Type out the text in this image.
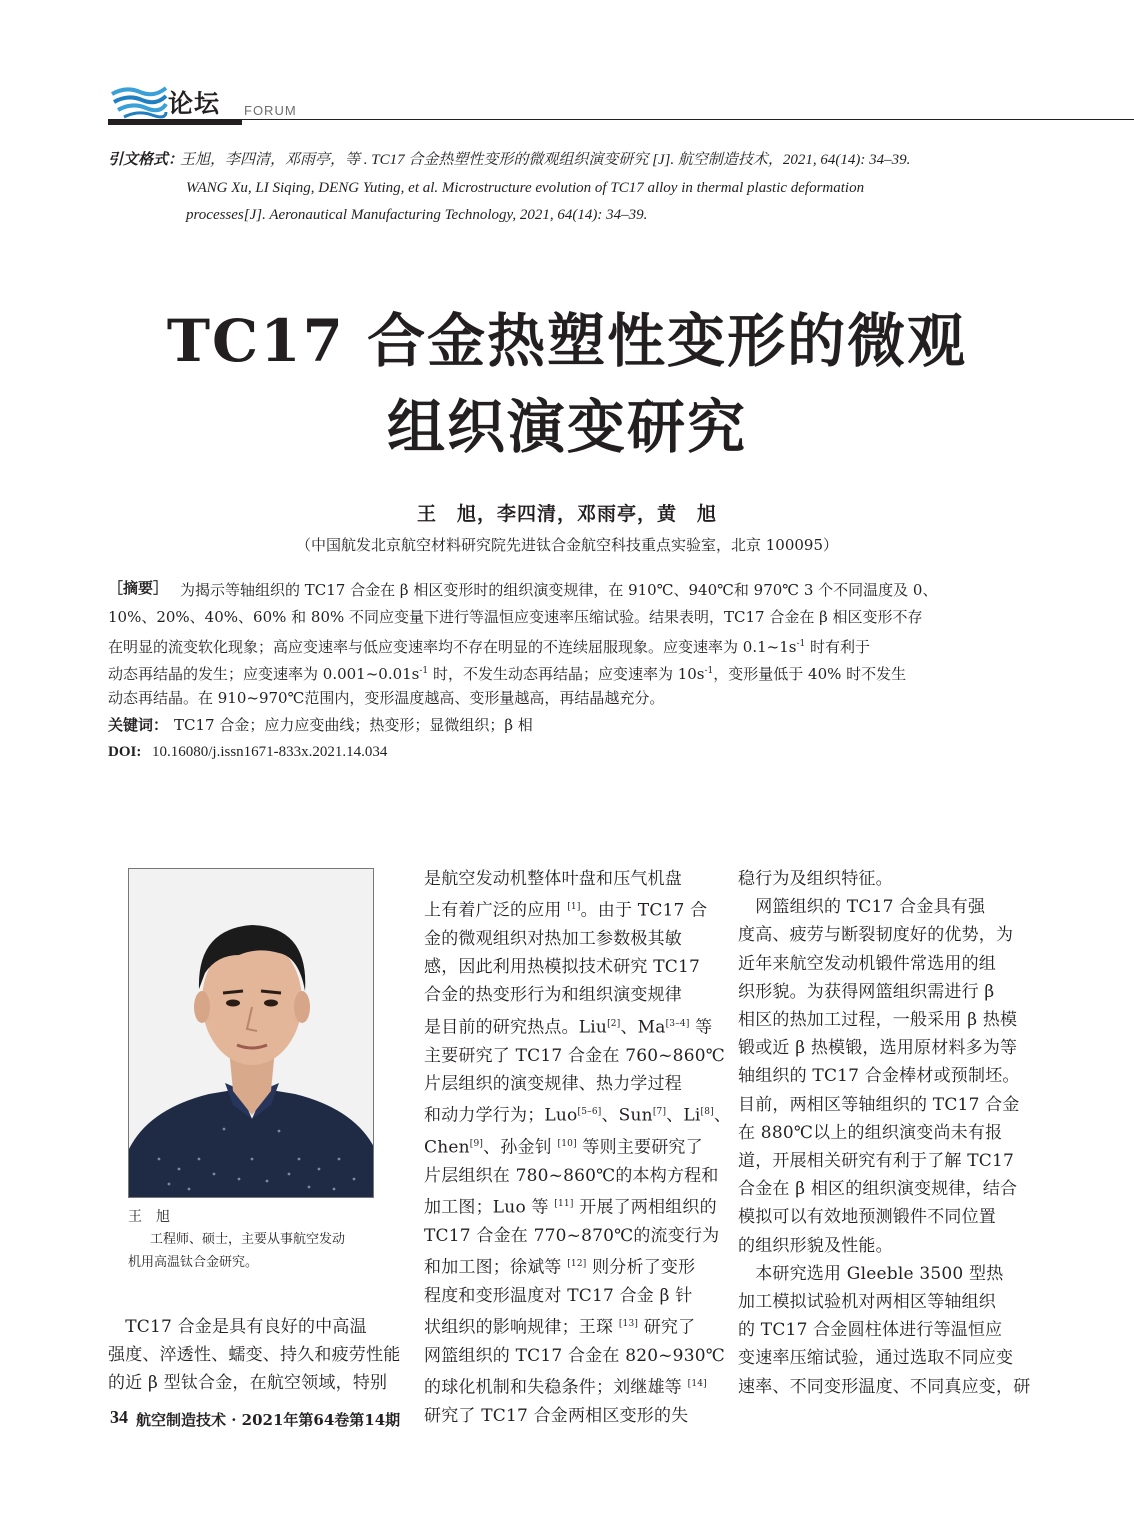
论坛 FORUM
引文格式：
王旭，李四清，邓雨亭，等 . TC17 合金热塑性变形的微观组织演变研究 [J]. 航空制造技术，2021, 64(14): 34–39.
WANG Xu, LI Siqing, DENG Yuting, et al. Microstructure evolution of TC17 alloy in thermal plastic deformation
processes[J]. Aeronautical Manufacturing Technology, 2021, 64(14): 34–39.
TC17 合金热塑性变形的微观
组织演变研究
王　旭，李四清，邓雨亭，黄　旭
（中国航发北京航空材料研究院先进钛合金航空科技重点实验室，北京 100095）
［摘要］ 为揭示等轴组织的 TC17 合金在 β 相区变形时的组织演变规律，在 910℃、940℃和 970℃ 3 个不同温度及 0、
10%、20%、40%、60% 和 80% 不同应变量下进行等温恒应变速率压缩试验。结果表明，TC17 合金在 β 相区变形不存
在明显的流变软化现象；高应变速率与低应变速率均不存在明显的不连续屈服现象。应变速率为 $0.1\sim 1s^{-1}$ 时有利于
动态再结晶的发生；应变速率为 $0.001\sim 0.01s^{-1}$ 时，不发生动态再结晶；应变速率为 $10s^{-1}$，变形量低于 40% 时不发生
动态再结晶。在 910~970℃范围内，变形温度越高、变形量越高，再结晶越充分。
关键词： TC17 合金；应力应变曲线；热变形；显微组织；β 相
DOI: 10.16080/j.issn1671-833x.2021.14.034
王　旭
工程师、硕士，主要从事航空发动
机用高温钛合金研究。
　TC17 合金是具有良好的中高温
强度、淬透性、蠕变、持久和疲劳性能
的近 β 型钛合金，在航空领域，特别
是航空发动机整体叶盘和压气机盘
上有着广泛的应用 [1]。由于 TC17 合
金的微观组织对热加工参数极其敏
感，因此利用热模拟技术研究 TC17
合金的热变形行为和组织演变规律
是目前的研究热点。Liu[2]、Ma[3–4] 等
主要研究了 TC17 合金在 760~860℃
片层组织的演变规律、热力学过程
和动力学行为；Luo[5–6]、Sun[7]、Li[8]、
Chen[9]、孙金钊 [10] 等则主要研究了
片层组织在 780~860℃的本构方程和
加工图；Luo 等 [11] 开展了两相组织的
TC17 合金在 770~870℃的流变行为
和加工图；徐斌等 [12] 则分析了变形
程度和变形温度对 TC17 合金 β 针
状组织的影响规律；王琛 [13] 研究了
网篮组织的 TC17 合金在 820~930℃
的球化机制和失稳条件；刘继雄等 [14]
研究了 TC17 合金两相区变形的失
稳行为及组织特征。
　网篮组织的 TC17 合金具有强
度高、疲劳与断裂韧度好的优势，为
近年来航空发动机锻件常选用的组
织形貌。为获得网篮组织需进行 β
相区的热加工过程，一般采用 β 热模
锻或近 β 热模锻，选用原材料多为等
轴组织的 TC17 合金棒材或预制坯。
目前，两相区等轴组织的 TC17 合金
在 880℃以上的组织演变尚未有报
道，开展相关研究有利于了解 TC17
合金在 β 相区的组织演变规律，结合
模拟可以有效地预测锻件不同位置
的组织形貌及性能。
　本研究选用 Gleeble 3500 型热
加工模拟试验机对两相区等轴组织
的 TC17 合金圆柱体进行等温恒应
变速率压缩试验，通过选取不同应变
速率、不同变形温度、不同真应变，研
34 航空制造技术 · 2021年第64卷第14期
